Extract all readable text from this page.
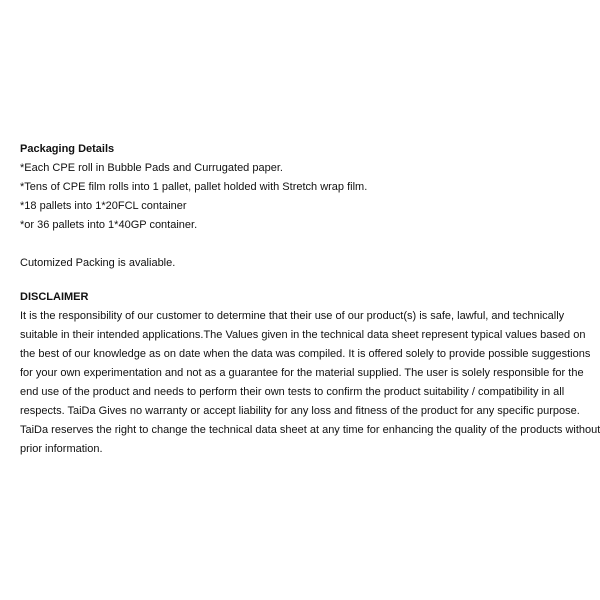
Packaging Details
*Each CPE roll in Bubble Pads and Currugated paper.
*Tens of CPE film rolls into 1 pallet, pallet holded with Stretch wrap film.
*18 pallets into 1*20FCL container
*or 36 pallets into 1*40GP container.
Cutomized Packing is avaliable.
DISCLAIMER
It is the responsibility of our customer to determine that their use of our product(s) is safe, lawful, and technically
suitable in their intended applications.The Values given in the technical data sheet represent typical values based on
the best of our knowledge as on date when the data was compiled. It is offered solely to provide possible suggestions
for your own experimentation and not as a guarantee for the material supplied. The user is solely responsible for the
end use of the product and needs to perform their own tests to confirm the product suitability / compatibility in all
respects. TaiDa Gives no warranty or accept liability for any loss and fitness of the product for any specific purpose.
TaiDa reserves the right to change the technical data sheet at any time for enhancing the quality of the products without
prior information.
